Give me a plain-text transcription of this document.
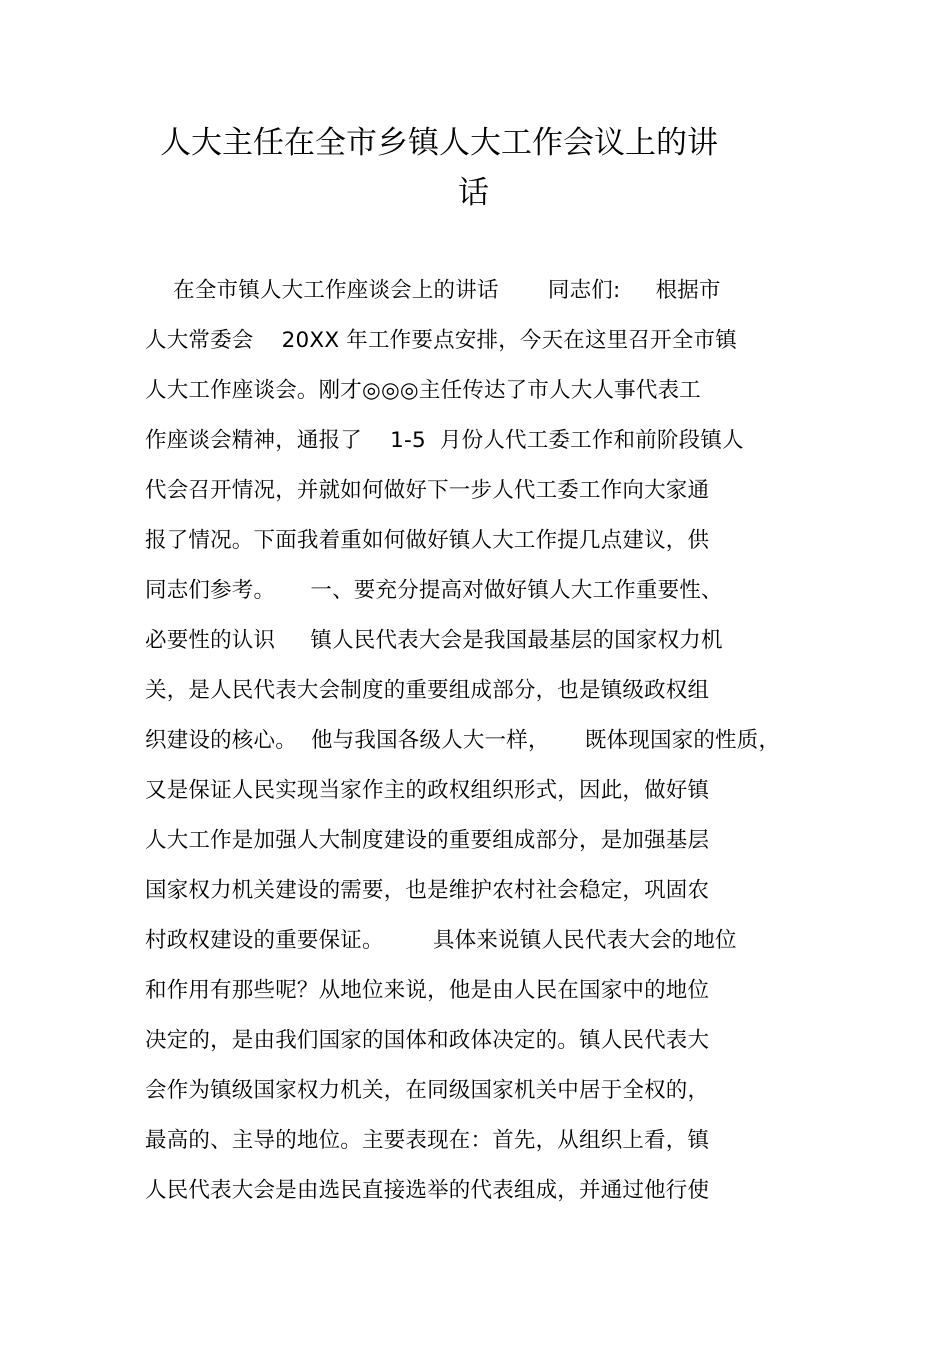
人大主任在全市乡镇人大工作会议上的讲
话
在全市镇人大工作座谈会上的讲话       同志们:     根据市
人大常委会    20XX 年工作要点安排，今天在这里召开全市镇
人大工作座谈会。刚才◎◎◎主任传达了市人大人事代表工
作座谈会精神，通报了    1-5  月份人代工委工作和前阶段镇人
代会召开情况，并就如何做好下一步人代工委工作向大家通
报了情况。下面我着重如何做好镇人大工作提几点建议，供
同志们参考。     一、要充分提高对做好镇人大工作重要性、
必要性的认识     镇人民代表大会是我国最基层的国家权力机
关，是人民代表大会制度的重要组成部分，也是镇级政权组
织建设的核心。  他与我国各级人大一样，     既体现国家的性质，
又是保证人民实现当家作主的政权组织形式，因此，做好镇
人大工作是加强人大制度建设的重要组成部分，是加强基层
国家权力机关建设的需要，也是维护农村社会稳定，巩固农
村政权建设的重要保证。       具体来说镇人民代表大会的地位
和作用有那些呢？从地位来说，他是由人民在国家中的地位
决定的，是由我们国家的国体和政体决定的。镇人民代表大
会作为镇级国家权力机关，在同级国家机关中居于全权的，
最高的、主导的地位。主要表现在：首先，从组织上看，镇
人民代表大会是由选民直接选举的代表组成，并通过他行使
